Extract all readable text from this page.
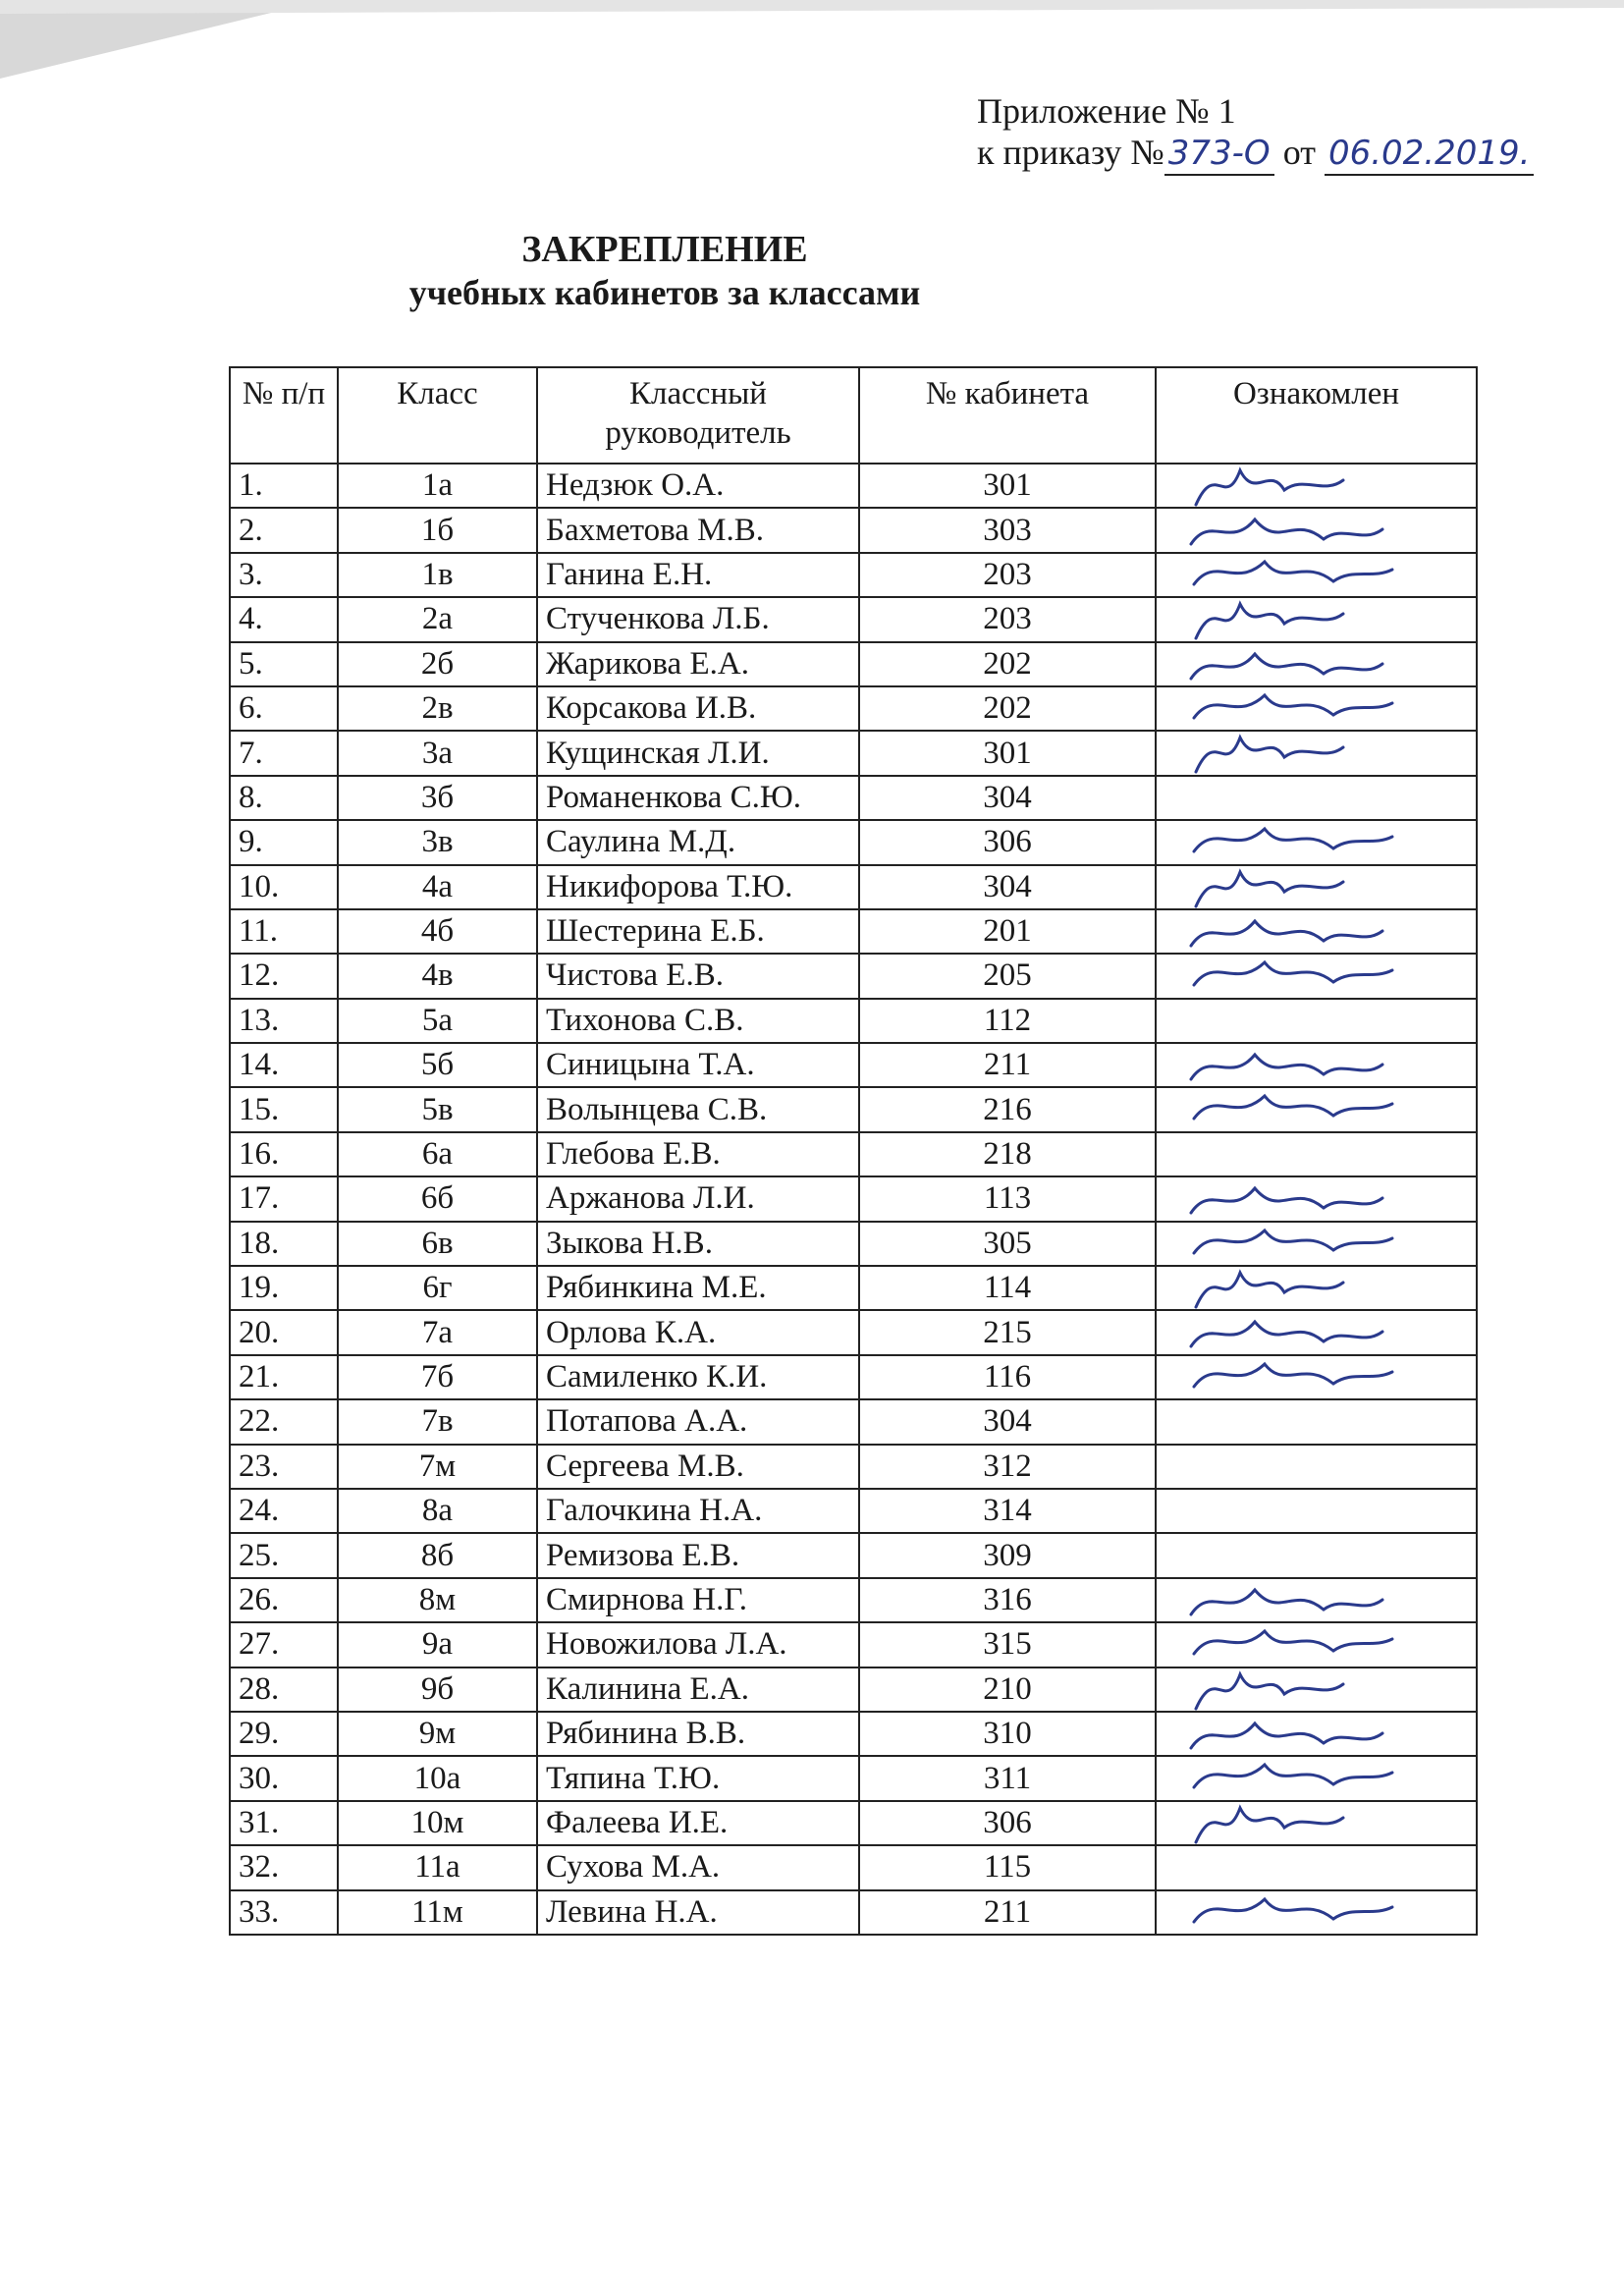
Приложение № 1
к приказу № 373-О от 06.02.2019.
ЗАКРЕПЛЕНИЕ
учебных кабинетов за классами
№ п/п	Класс	Классный руководитель	№ кабинета	Ознакомлен
1.	1а	Недзюк О.А.	301	

2.	1б	Бахметова М.В.	303	

3.	1в	Ганина Е.Н.	203	

4.	2а	Стученкова Л.Б.	203	

5.	2б	Жарикова Е.А.	202	

6.	2в	Корсакова И.В.	202	

7.	3а	Кущинская Л.И.	301	

8.	3б	Романенкова С.Ю.	304	
9.	3в	Саулина М.Д.	306	

10.	4а	Никифорова Т.Ю.	304	

11.	4б	Шестерина Е.Б.	201	

12.	4в	Чистова Е.В.	205	

13.	5а	Тихонова С.В.	112	
14.	5б	Синицына Т.А.	211	

15.	5в	Волынцева С.В.	216	

16.	6а	Глебова Е.В.	218	
17.	6б	Аржанова Л.И.	113	

18.	6в	Зыкова Н.В.	305	

19.	6г	Рябинкина М.Е.	114	

20.	7а	Орлова К.А.	215	

21.	7б	Самиленко К.И.	116	

22.	7в	Потапова А.А.	304	
23.	7м	Сергеева М.В.	312	
24.	8а	Галочкина Н.А.	314	
25.	8б	Ремизова Е.В.	309	
26.	8м	Смирнова Н.Г.	316	

27.	9а	Новожилова Л.А.	315	

28.	9б	Калинина Е.А.	210	

29.	9м	Рябинина В.В.	310	

30.	10а	Тяпина Т.Ю.	311	

31.	10м	Фалеева И.Е.	306	

32.	11а	Сухова М.А.	115	
33.	11м	Левина Н.А.	211	
